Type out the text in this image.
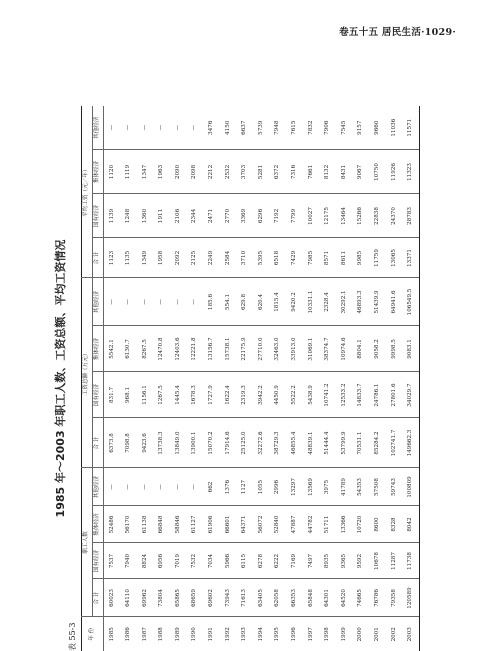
卷五十五 居民生活·1029·
1985 年～2003 年职工人数、工资总额、平均工资情况
表 55-3 年 份	职工人数				工资总额（万元）				平均工资（元／年）			
	合 计	国有经济	集体经济	其他经济	合 计	国有经济	集体经济	其他经济	合 计	国有经济	集体经济	其他经济
1985	60023	7537	52486	—	6373.8	831.7	5542.1	—	1123	1139	1120	—
1986	64110	7940	56170	—	7098.8	968.1	6130.7	—	1135	1248	1119	—
1987	69962	8824	61138	—	9423.6	1156.1	8267.5	—	1349	1360	1347	—
1988	73804	6956	66848	—	13738.3	1267.5	12470.8	—	1958	1911	1963	—
1989	65865	7019	58846	—	13849.0	1445.4	12403.6	—	2092	2106	2090	—
1990	68659	7532	61127	—	13900.1	1678.3	12221.8	—	2125	2344	2098	—
1991	69602	7034	61906	662	15070.2	1727.9	13156.7	185.6	2249	2471	2212	3476
1992	73943	5966	66601	1376	17914.6	1622.4	15738.1	554.1	2584	2770	2532	4150
1993	71613	6115	64371	1127	25125.0	2319.3	22175.9	629.8	3710	3369	3703	6637
1994	63405	6278	56072	1055	32272.6	3942.2	27710.0	620.4	5395	6296	5281	5739
1995	62058	6222	52840	2996	38729.3	4450.9	32463.0	1815.4	6518	7192	6372	7948
1996	66353	7169	47887	13297	46855.4	5522.2	33913.0	9420.2	7429	7799	7316	7615
1997	65848	7497	44782	13569	48839.1	5438.9	31069.1	10331.1	7985	10027	7661	7832
1998	64301	8935	51711	3975	51444.4	10741.2	38374.7	2328.4	8571	12175	8132	7906
1999	64520	9365	13366	41789	53799.9	12533.2	10974.6	30292.1	8611	13464	8431	7545
2000	74665	9592	10720	54353	70531.1	14833.7	8804.1	46893.3	9985	15266	9067	9157
2001	76786	10678	8600	57508	85284.2	24786.1	9058.2	51439.9	11759	22838	10750	9660
2002	79358	11287	8328	59743	102741.7	27801.6	9998.5	64941.6	13065	24370	11926	11036
2003	120589	11738	8042	100809	149662.3	34029.7	9083.1	106549.5	13371	28783	11323	11571
